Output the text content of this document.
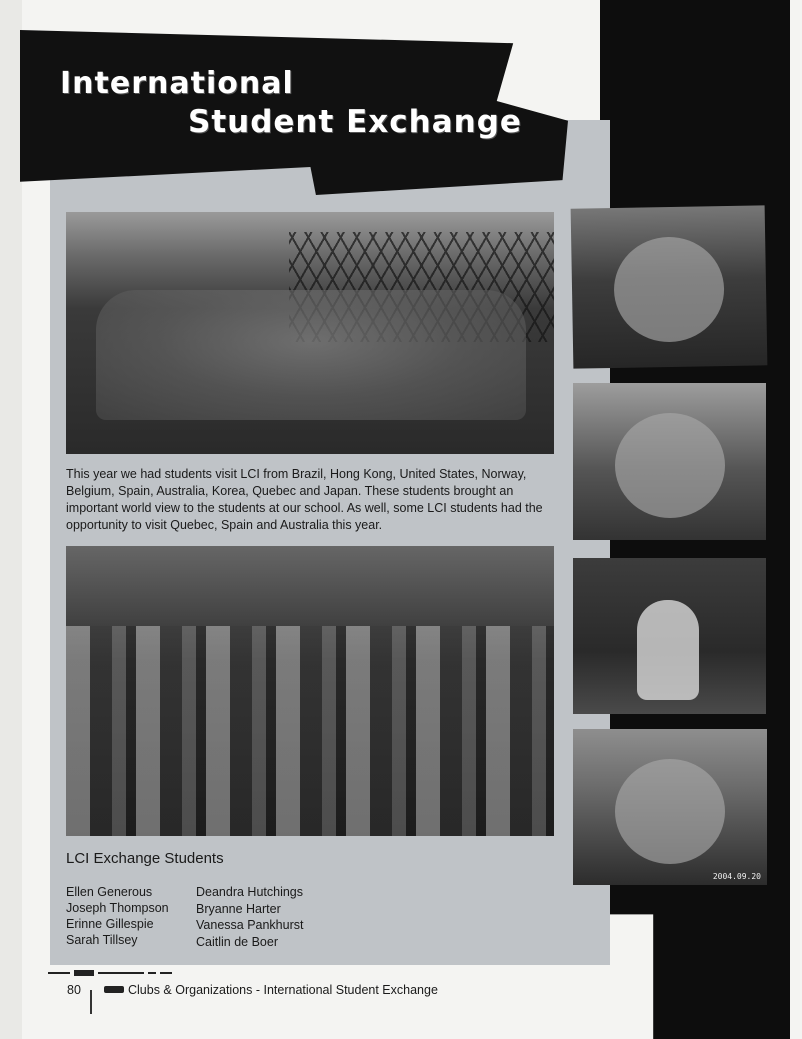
International
Student Exchange

This year we had students visit LCI from Brazil, Hong Kong, United States, Norway, Belgium, Spain, Australia, Korea, Quebec and Japan. These students brought an important world view to the students at our school. As well, some LCI students had the opportunity to visit Quebec, Spain and Australia this year.

2004.09.20
LCI Exchange Students
Ellen Generous
Joseph Thompson
Erinne Gillespie
Sarah Tillsey
Deandra Hutchings
Bryanne Harter
Vanessa Pankhurst
Caitlin de Boer
80	Clubs & Organizations - International Student Exchange
